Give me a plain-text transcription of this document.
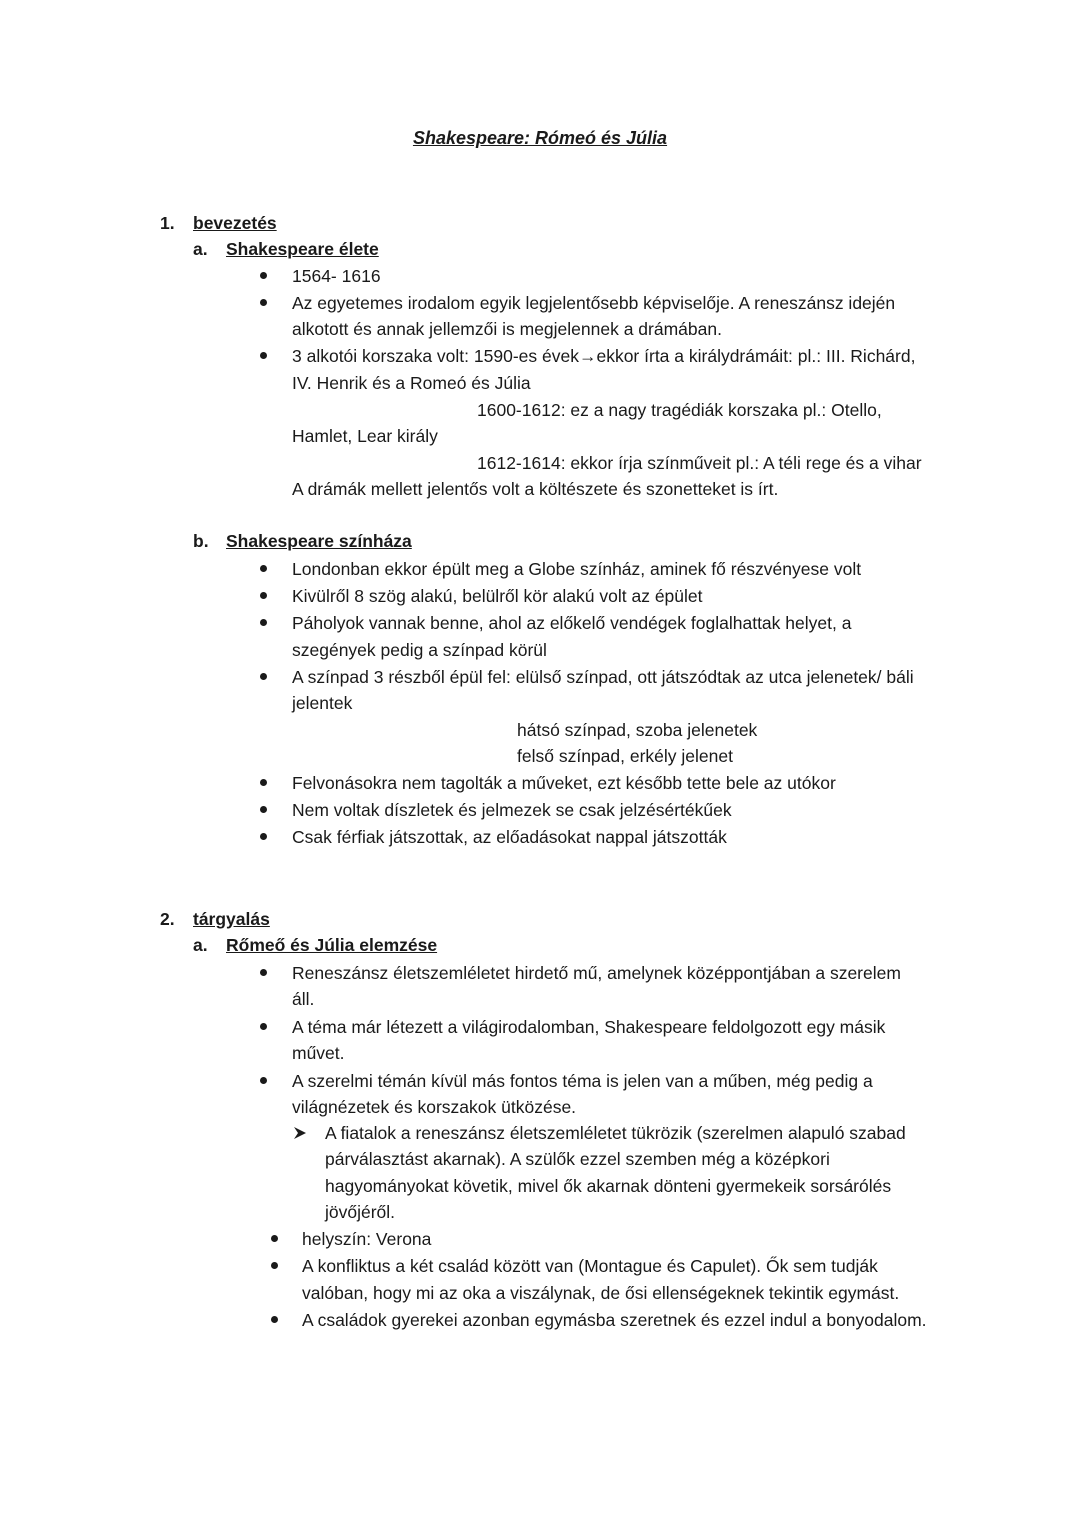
Shakespeare: Rómeó és Júlia
1. bevezetés
a. Shakespeare élete
1564- 1616
Az egyetemes irodalom egyik legjelentősebb képviselője. A reneszánsz idején
alkotott és annak jellemzői is megjelennek a drámában.
3 alkotói korszaka volt: 1590-es évek→ekkor írta a királydrámáit: pl.: III. Richárd,
IV. Henrik és a Romeó és Júlia
1600-1612: ez a nagy tragédiák korszaka pl.: Otello,
Hamlet, Lear király
1612-1614: ekkor írja színműveit pl.: A téli rege és a vihar
A drámák mellett jelentős volt a költészete és szonetteket is írt.
b. Shakespeare színháza
Londonban ekkor épült meg a Globe színház, aminek fő részvényese volt
Kivülről 8 szög alakú, belülről kör alakú volt az épület
Páholyok vannak benne, ahol az előkelő vendégek foglalhattak helyet, a
szegények pedig a színpad körül
A színpad 3 részből épül fel: elülső színpad, ott játszódtak az utca jelenetek/ báli
jelentek
hátsó színpad, szoba jelenetek
felső színpad, erkély jelenet
Felvonásokra nem tagolták a műveket, ezt később tette bele az utókor
Nem voltak díszletek és jelmezek se csak jelzésértékűek
Csak férfiak játszottak, az előadásokat nappal játszották
2. tárgyalás
a. Rőmeő és Júlia elemzése
Reneszánsz életszemléletet hirdető mű, amelynek középpontjában a szerelem
áll.
A téma már létezett a világirodalomban, Shakespeare feldolgozott egy másik
művet.
A szerelmi témán kívül más fontos téma is jelen van a műben, még pedig a
világnézetek és korszakok ütközése.
A fiatalok a reneszánsz életszemléletet tükrözik (szerelmen alapuló szabad
párválasztást akarnak). A szülők ezzel szemben még a középkori
hagyományokat követik, mivel ők akarnak dönteni gyermekeik sorsárólés
jövőjéről.
helyszín: Verona
A konfliktus a két család között van (Montague és Capulet). Ők sem tudják
valóban, hogy mi az oka a viszálynak, de ősi ellenségeknek tekintik egymást.
A családok gyerekei azonban egymásba szeretnek és ezzel indul a bonyodalom.
